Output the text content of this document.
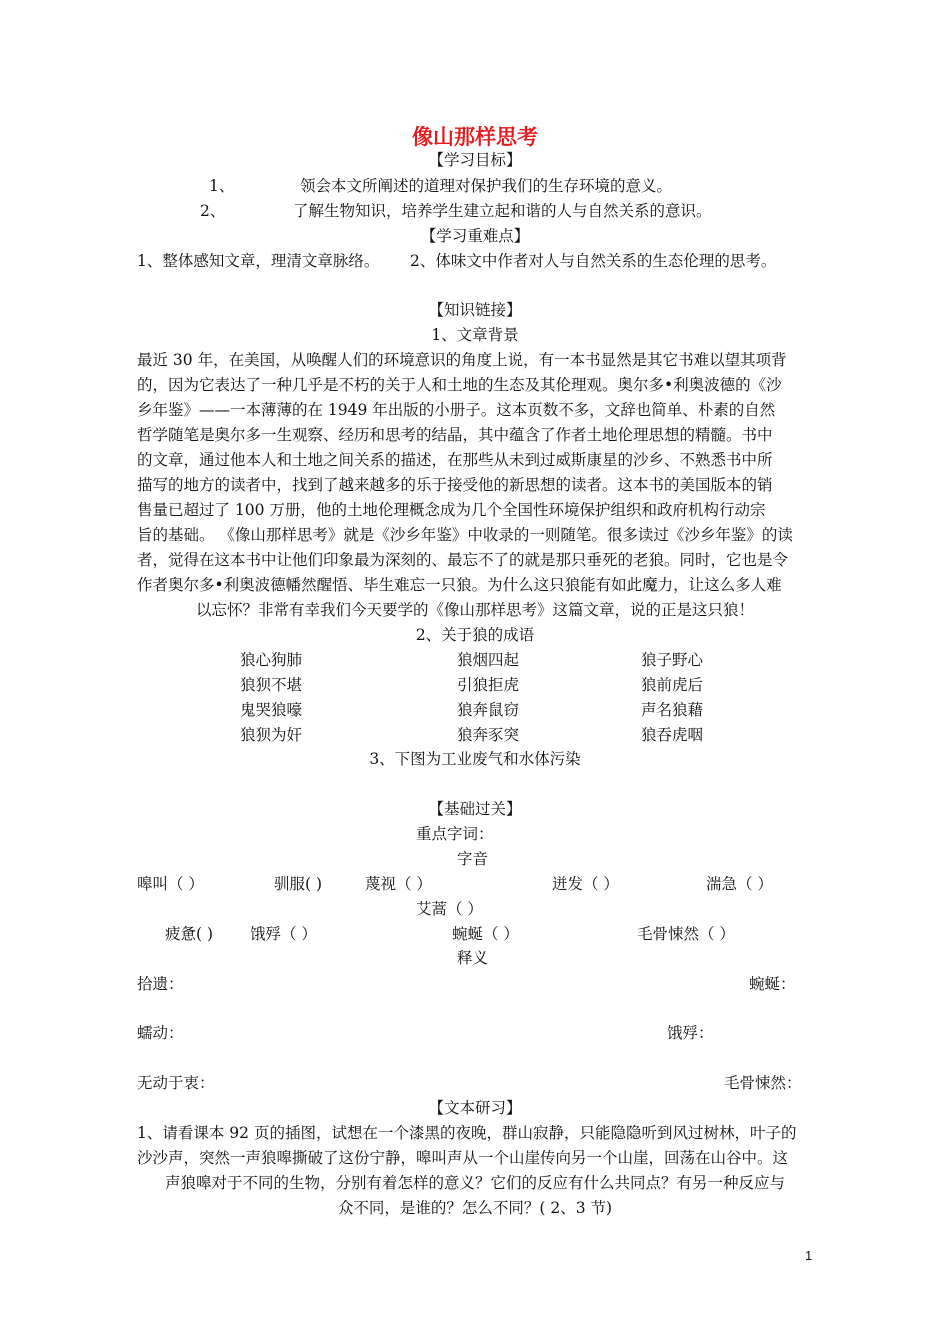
像山那样思考
【学习目标】
1、	领会本文所阐述的道理对保护我们的生存环境的意义。
2、	了解生物知识，培养学生建立起和谐的人与自然关系的意识。
【学习重难点】
1、整体感知文章，理清文章脉络。 2、体味文中作者对人与自然关系的生态伦理的思考。
【知识链接】
1、文章背景
最近 30 年，在美国，从唤醒人们的环境意识的角度上说，有一本书显然是其它书难以望其项背
的，因为它表达了一种几乎是不朽的关于人和土地的生态及其伦理观。奥尔多•利奥波德的《沙
乡年鉴》——一本薄薄的在 1949 年出版的小册子。这本页数不多，文辞也简单、朴素的自然
哲学随笔是奥尔多一生观察、经历和思考的结晶，其中蕴含了作者土地伦理思想的精髓。书中
的文章，通过他本人和土地之间关系的描述，在那些从未到过威斯康星的沙乡、不熟悉书中所
描写的地方的读者中，找到了越来越多的乐于接受他的新思想的读者。这本书的美国版本的销
售量已超过了 100 万册，他的土地伦理概念成为几个全国性环境保护组织和政府机构行动宗
旨的基础。 《像山那样思考》就是《沙乡年鉴》中收录的一则随笔。很多读过《沙乡年鉴》的读
者，觉得在这本书中让他们印象最为深刻的、最忘不了的就是那只垂死的老狼。同时，它也是令
作者奥尔多•利奥波德幡然醒悟、毕生难忘一只狼。为什么这只狼能有如此魔力，让这么多人难
以忘怀？非常有幸我们今天要学的《像山那样思考》这篇文章，说的正是这只狼！
2、关于狼的成语
狼心狗肺	狼烟四起	狼子野心
狼狈不堪	引狼拒虎	狼前虎后
鬼哭狼嚎	狼奔鼠窃	声名狼藉
狼狈为奸	狼奔豕突	狼吞虎咽
3、下图为工业废气和水体污染
【基础过关】
重点字词：
字音
嗥叫（ ）	驯服( )	蔑视（ ）	迸发（ ）	湍急（ ）
艾蒿（ ）
疲惫( ) 饿殍（ ）	蜿蜒（ ）	毛骨悚然（ ）
释义
拾遗：	蜿蜒：
蠕动：	饿殍：
无动于衷：	毛骨悚然：
【文本研习】
1、请看课本 92 页的插图，试想在一个漆黑的夜晚，群山寂静，只能隐隐听到风过树林，叶子的
沙沙声，突然一声狼嗥撕破了这份宁静，嗥叫声从一个山崖传向另一个山崖，回荡在山谷中。这
声狼嗥对于不同的生物，分别有着怎样的意义？它们的反应有什么共同点？有另一种反应与
众不同，是谁的？怎么不同？( 2、3 节)
1
